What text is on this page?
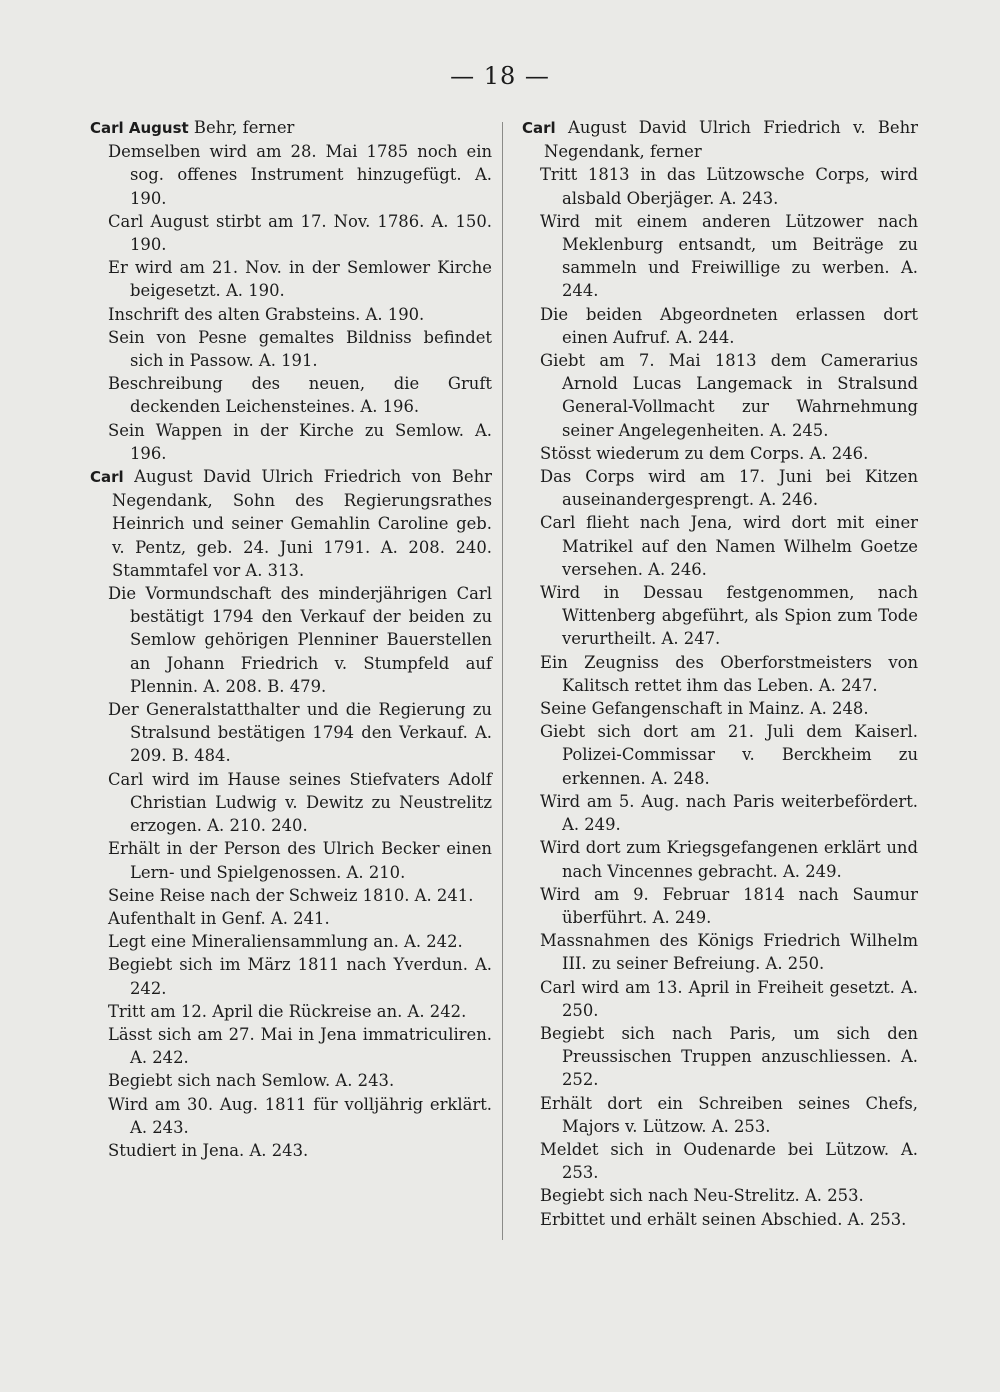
— 18 —

Carl August Behr, ferner

Demselben wird am 28. Mai 1785 noch ein sog. offenes Instrument hinzugefügt. A. 190.

Carl August stirbt am 17. Nov. 1786. A. 150. 190.

Er wird am 21. Nov. in der Semlower Kirche beigesetzt. A. 190.

Inschrift des alten Grabsteins. A. 190.

Sein von Pesne gemaltes Bildniss befindet sich in Passow. A. 191.

Beschreibung des neuen, die Gruft deckenden Leichensteines. A. 196.

Sein Wappen in der Kirche zu Semlow. A. 196.

Carl August David Ulrich Friedrich von Behr Negendank, Sohn des Regierungsrathes Heinrich und seiner Gemahlin Caroline geb. v. Pentz, geb. 24. Juni 1791. A. 208. 240. Stammtafel vor A. 313.

Die Vormundschaft des minderjährigen Carl bestätigt 1794 den Verkauf der beiden zu Semlow gehörigen Plenniner Bauerstellen an Johann Friedrich v. Stumpfeld auf Plennin. A. 208. B. 479.

Der Generalstatthalter und die Regierung zu Stralsund bestätigen 1794 den Verkauf. A. 209. B. 484.

Carl wird im Hause seines Stiefvaters Adolf Christian Ludwig v. Dewitz zu Neustrelitz erzogen. A. 210. 240.

Erhält in der Person des Ulrich Becker einen Lern- und Spielgenossen. A. 210.

Seine Reise nach der Schweiz 1810. A. 241.

Aufenthalt in Genf. A. 241.

Legt eine Mineraliensammlung an. A. 242.

Begiebt sich im März 1811 nach Yverdun. A. 242.

Tritt am 12. April die Rückreise an. A. 242.

Lässt sich am 27. Mai in Jena immatriculiren. A. 242.

Begiebt sich nach Semlow. A. 243.

Wird am 30. Aug. 1811 für volljährig erklärt. A. 243.

Studiert in Jena. A. 243.

Carl August David Ulrich Friedrich v. Behr Negendank, ferner

Tritt 1813 in das Lützowsche Corps, wird alsbald Oberjäger. A. 243.

Wird mit einem anderen Lützower nach Meklenburg entsandt, um Beiträge zu sammeln und Freiwillige zu werben. A. 244.

Die beiden Abgeordneten erlassen dort einen Aufruf. A. 244.

Giebt am 7. Mai 1813 dem Camerarius Arnold Lucas Langemack in Stralsund General-Vollmacht zur Wahrnehmung seiner Angelegenheiten. A. 245.

Stösst wiederum zu dem Corps. A. 246.

Das Corps wird am 17. Juni bei Kitzen auseinandergesprengt. A. 246.

Carl flieht nach Jena, wird dort mit einer Matrikel auf den Namen Wilhelm Goetze versehen. A. 246.

Wird in Dessau festgenommen, nach Wittenberg abgeführt, als Spion zum Tode verurtheilt. A. 247.

Ein Zeugniss des Oberforstmeisters von Kalitsch rettet ihm das Leben. A. 247.

Seine Gefangenschaft in Mainz. A. 248.

Giebt sich dort am 21. Juli dem Kaiserl. Polizei-Commissar v. Berckheim zu erkennen. A. 248.

Wird am 5. Aug. nach Paris weiterbefördert. A. 249.

Wird dort zum Kriegsgefangenen erklärt und nach Vincennes gebracht. A. 249.

Wird am 9. Februar 1814 nach Saumur überführt. A. 249.

Massnahmen des Königs Friedrich Wilhelm III. zu seiner Befreiung. A. 250.

Carl wird am 13. April in Freiheit gesetzt. A. 250.

Begiebt sich nach Paris, um sich den Preussischen Truppen anzuschliessen. A. 252.

Erhält dort ein Schreiben seines Chefs, Majors v. Lützow. A. 253.

Meldet sich in Oudenarde bei Lützow. A. 253.

Begiebt sich nach Neu-Strelitz. A. 253.

Erbittet und erhält seinen Abschied. A. 253.
